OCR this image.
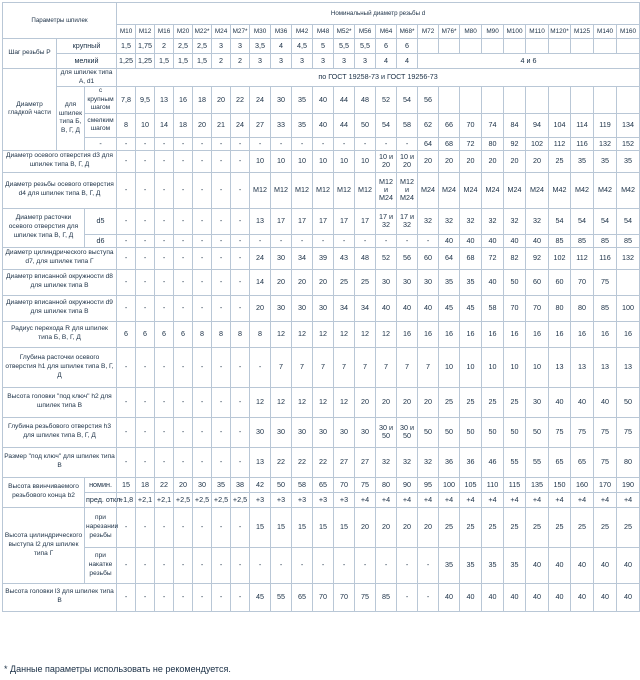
Параметры шпилек			Номинальный диаметр резьбы d																								
			M10	M12	M16	M20	M22*	M24	M27*	M30	M36	M42	M48	M52*	M56	M64	M68*	M72	M76*	M80	M90	M100	M110	M120*	M125	M140	M160
Шаг резьбы P	крупный		1,5	1,75	2	2,5	2,5	3	3	3,5	4	4,5	5	5,5	5,5	6	6										
	мелкий		1,25	1,25	1,5	1,5	1,5	2	2	3	3	3	3	3	3	4	4	4 и 6									
Диаметр гладкой части	для шпилек типа А, d1		по ГОСТ 19258-73 и ГОСТ 19256-73																								
	для шпилек типа Б, В, Г, Д	с крупным шагом	7,8	9,5	13	16	18	20	22	24	30	35	40	44	48	52	54	56									
		смелким шагом	8	10	14	18	20	21	24	27	33	35	40	44	50	54	58	62	66	70	74	84	94	104	114	119	134
		-	-	-	-	-	-	-	-	-	-	-	-	-	-	-	-	64	68	72	80	92	102	112	116	132	152
Диаметр осевого отверстия d3 для шпилек типа В, Г, Д			-	-	-	-	-	-	-	10	10	10	10	10	10	10 и 20	10 и 20	20	20	20	20	20	20	25	35	35	35
Диаметр резьбы осевого отверстия d4 для шпилек типа В, Г, Д			-	-	-	-	-	-	-	M12	M12	M12	M12	M12	M12	M12 и M24	M12 и M24	M24	M24	M24	M24	M24	M24	M42	M42	M42	M42
Диаметр расточки осевого отверстия для шпилек типа В, Г, Д		d5	-	-	-	-	-	-	-	13	17	17	17	17	17	17 и 32	17 и 32	32	32	32	32	32	32	54	54	54	54
		d6	-	-	-	-	-	-	-	-	-	-	-	-	-	-	-	-	40	40	40	40	40	85	85	85	85
Диаметр цилиндрического выступа d7, для шпилек типа Г			-	-	-	-	-	-	-	24	30	34	39	43	48	52	56	60	64	68	72	82	92	102	112	116	132
Диаметр вписанной окружности d8 для шпилек типа В			-	-	-	-	-	-	-	14	20	20	20	25	25	30	30	30	35	35	40	50	60	60	70	75	
Диаметр вписанной окружности d9 для шпилек типа В			-	-	-	-	-	-	-	20	30	30	30	34	34	40	40	40	45	45	58	70	70	80	80	85	100
Радиус перехода R для шпилек типа Б, В, Г, Д			6	6	6	6	8	8	8	8	12	12	12	12	12	12	16	16	16	16	16	16	16	16	16	16	16
Глубина расточки осевого отверстия h1 для шпилек типа В, Г, Д			-	-	-	-	-	-	-	-	7	7	7	7	7	7	7	7	10	10	10	10	10	13	13	13	13
Высота головки "под ключ" h2 для шпилек типа В			-	-	-	-	-	-	-	12	12	12	12	12	20	20	20	20	25	25	25	25	30	40	40	40	50
Глубина резьбового отверстия h3 для шпилек типа В, Г, Д			-	-	-	-	-	-	-	30	30	30	30	30	30	30 и 50	30 и 50	50	50	50	50	50	50	75	75	75	75
Размер "под ключ" для шпилек типа В			-	-	-	-	-	-	-	13	22	22	22	27	27	32	32	32	36	36	46	55	55	65	65	75	80
Высота ввинчиваемого резьбового конца b2		номин.	15	18	22	20	30	35	38	42	50	58	65	70	75	80	90	95	100	105	110	115	135	150	160	170	190
		пред. откл.	+1,8	+2,1	+2,1	+2,5	+2,5	+2,5	+2,5	+3	+3	+3	+3	+3	+4	+4	+4	+4	+4	+4	+4	+4	+4	+4	+4	+4	+4
Высота цилиндрического выступа l2 для шпилек типа Г		при нарезании резьбы	-	-	-	-	-	-	-	15	15	15	15	15	20	20	20	20	25	25	25	25	25	25	25	25	25
		при накатке резьбы	-	-	-	-	-	-	-	-	-	-	-	-	-	-	-	-	35	35	35	35	40	40	40	40	40
Высота головки l3 для шпилек типа В			-	-	-	-	-	-	-	45	55	65	70	70	75	85	-	-	40	40	40	40	40	40	40	40	40
* Данные параметры использовать не рекомендуется.
